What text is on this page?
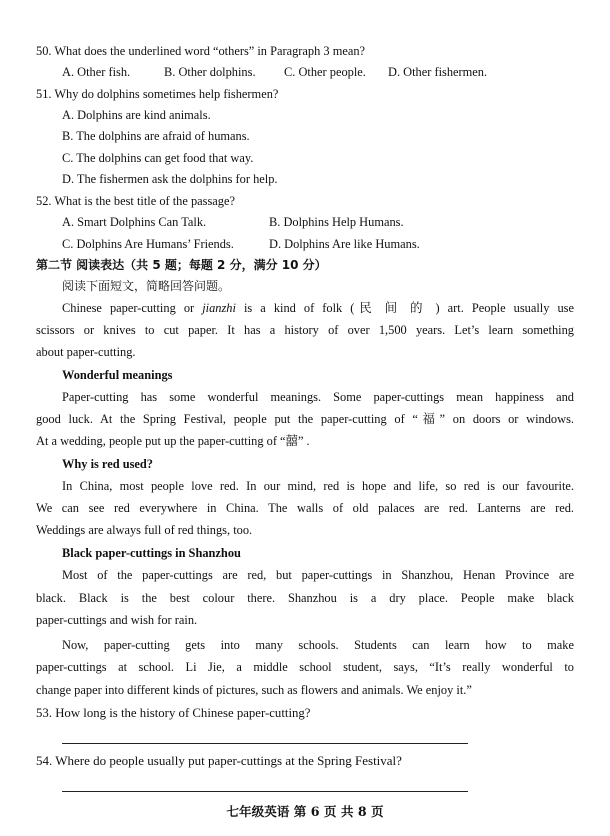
50. What does the underlined word “others” in Paragraph 3 mean?
A. Other fish.	B. Other dolphins. C. Other people. D. Other fishermen.
51. Why do dolphins sometimes help fishermen?
A. Dolphins are kind animals.
B. The dolphins are afraid of humans.
C. The dolphins can get food that way.
D. The fishermen ask the dolphins for help.
52. What is the best title of the passage?
A. Smart Dolphins Can Talk.	B. Dolphins Help Humans.
C. Dolphins Are Humans’ Friends.	D. Dolphins Are like Humans.
第二节 阅读表达（共 5 题；每题 2 分，满分 10 分）
阅读下面短文，简略回答问题。
Chinese paper-cutting or jianzhi is a kind of folk (民 间 的 ) art. People usually use
scissors or knives to cut paper. It has a history of over 1,500 years. Let’s learn something
about paper-cutting.
Wonderful meanings
Paper-cutting has some wonderful meanings. Some paper-cuttings mean happiness and
good luck. At the Spring Festival, people put the paper-cutting of “福” on doors or windows.
At a wedding, people put up the paper-cutting of “囍” .
Why is red used?
In China, most people love red. In our mind, red is hope and life, so red is our favourite.
We can see red everywhere in China. The walls of old palaces are red. Lanterns are red.
Weddings are always full of red things, too.
Black paper-cuttings in Shanzhou
Most of the paper-cuttings are red, but paper-cuttings in Shanzhou, Henan Province are
black. Black is the best colour there. Shanzhou is a dry place. People make black
paper-cuttings and wish for rain.
Now, paper-cutting gets into many schools. Students can learn how to make
paper-cuttings at school. Li Jie, a middle school student, says, “It’s really wonderful to
change paper into different kinds of pictures, such as flowers and animals. We enjoy it.”
53. How long is the history of Chinese paper-cutting?
54. Where do people usually put paper-cuttings at the Spring Festival?
七年级英语 第 6 页 共 8 页
